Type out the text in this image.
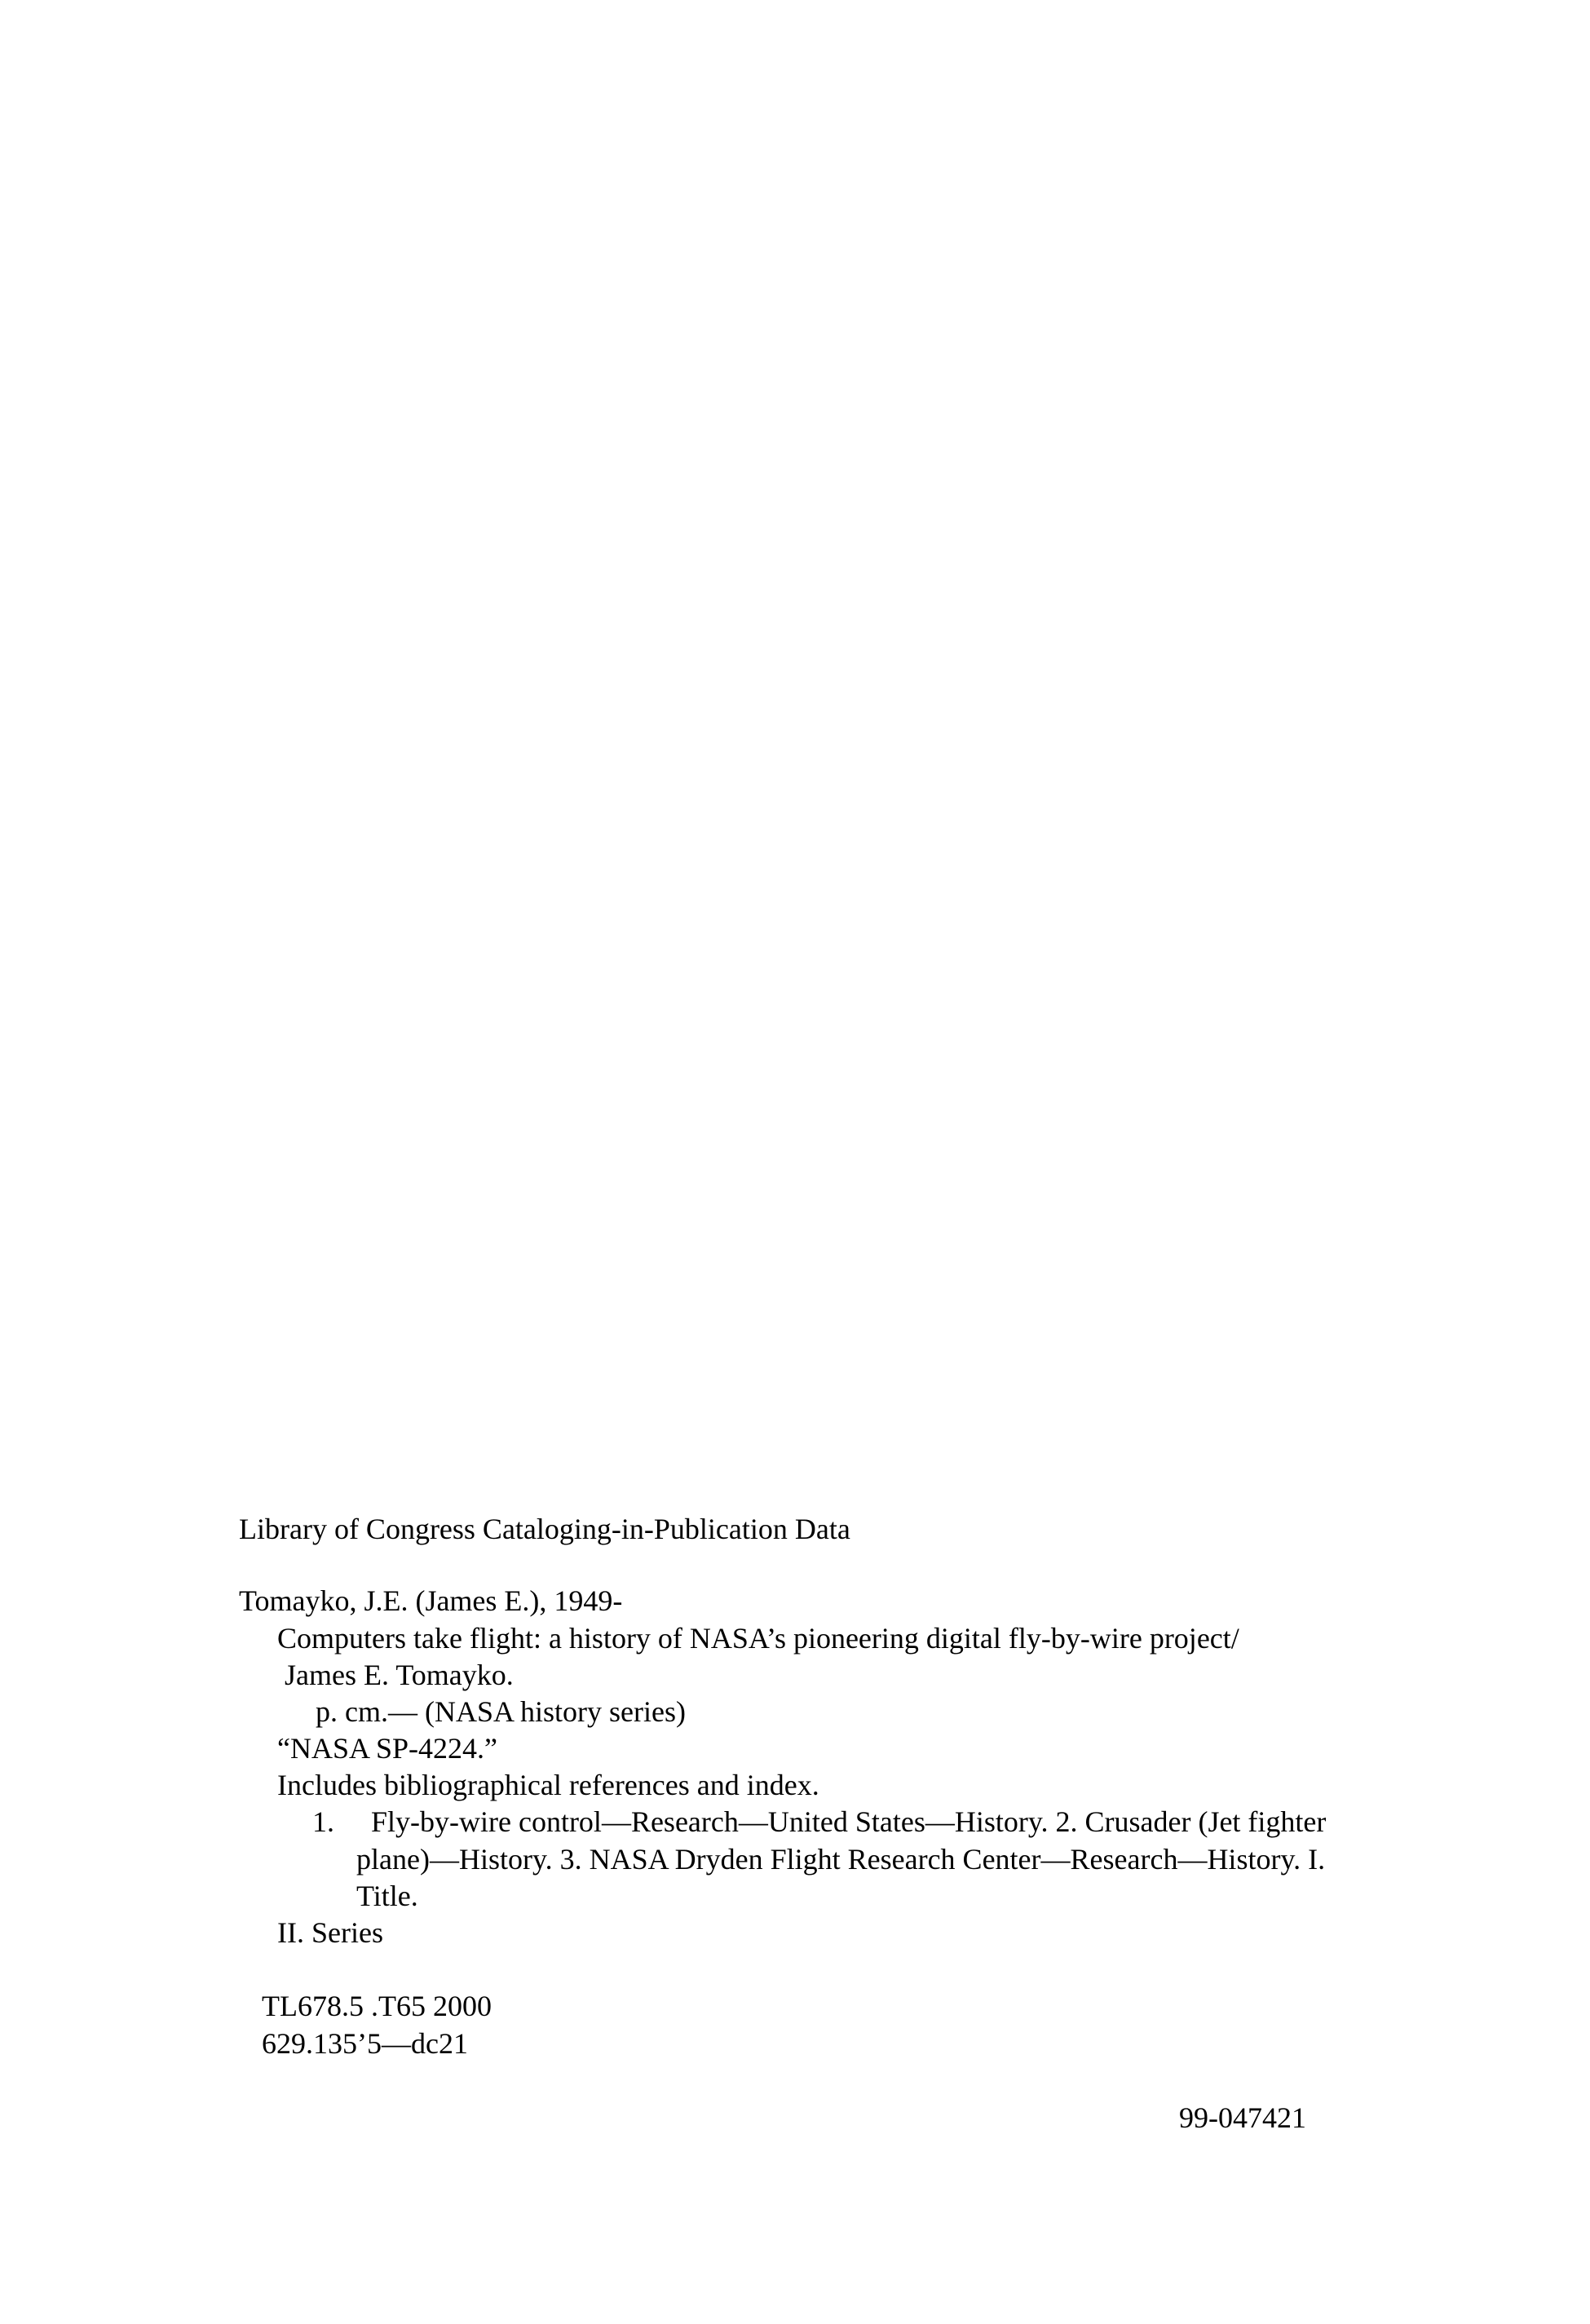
Library of Congress Cataloging-in-Publication Data
Tomayko, J.E. (James E.), 1949-
Computers take flight: a history of NASA’s pioneering digital fly-by-wire project/
James E. Tomayko.
p. cm.— (NASA history series)
“NASA SP-4224.”
Includes bibliographical references and index.
1. Fly-by-wire control—Research—United States—History. 2. Crusader (Jet fighter
plane)—History. 3. NASA Dryden Flight Research Center—Research—History. I.
Title.
II. Series
TL678.5 .T65 2000
629.135’5—dc21
99-047421
